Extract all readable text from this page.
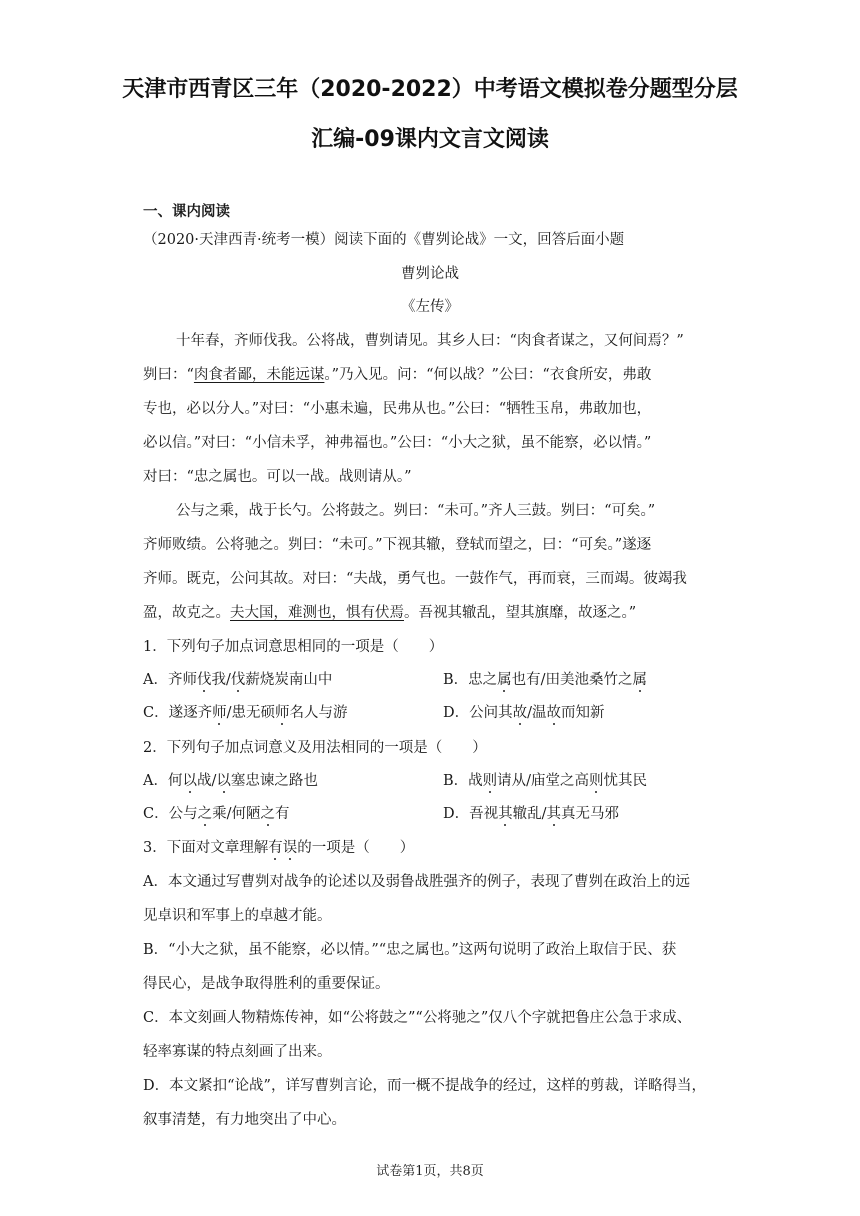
天津市西青区三年（2020-2022）中考语文模拟卷分题型分层
汇编-09课内文言文阅读
一、课内阅读
（2020·天津西青·统考一模）阅读下面的《曹刿论战》一文，回答后面小题
曹刿论战
《左传》
十年春，齐师伐我。公将战，曹刿请见。其乡人曰：“肉食者谋之，又何间焉？”
刿曰：“肉食者鄙，未能远谋。”乃入见。问：“何以战？”公曰：“衣食所安，弗敢
专也，必以分人。”对曰：“小惠未遍，民弗从也。”公曰：“牺牲玉帛，弗敢加也，
必以信。”对曰：“小信未孚，神弗福也。”公曰：“小大之狱，虽不能察，必以情。”
对曰：“忠之属也。可以一战。战则请从。”
公与之乘，战于长勺。公将鼓之。刿曰：“未可。”齐人三鼓。刿曰：“可矣。”
齐师败绩。公将驰之。刿曰：“未可。”下视其辙，登轼而望之，曰：“可矣。”遂逐
齐师。既克，公问其故。对曰：“夫战，勇气也。一鼓作气，再而衰，三而竭。彼竭我
盈，故克之。夫大国，难测也，惧有伏焉。吾视其辙乱，望其旗靡，故逐之。”
1．下列句子加点词意思相同的一项是（ ）
A．齐师伐我/伐薪烧炭南山中	B．忠之属也有/田美池桑竹之属
C．遂逐齐师/患无硕师名人与游	D．公问其故/温故而知新
2．下列句子加点词意义及用法相同的一项是（ ）
A．何以战/以塞忠谏之路也	B．战则请从/庙堂之高则忧其民
C．公与之乘/何陋之有	D．吾视其辙乱/其真无马邪
3．下面对文章理解有误的一项是（ ）
A．本文通过写曹刿对战争的论述以及弱鲁战胜强齐的例子，表现了曹刿在政治上的远
见卓识和军事上的卓越才能。
B．“小大之狱，虽不能察，必以情。”“忠之属也。”这两句说明了政治上取信于民、获
得民心，是战争取得胜利的重要保证。
C．本文刻画人物精炼传神，如“公将鼓之”“公将驰之”仅八个字就把鲁庄公急于求成、
轻率寡谋的特点刻画了出来。
D．本文紧扣“论战”，详写曹刿言论，而一概不提战争的经过，这样的剪裁，详略得当，
叙事清楚，有力地突出了中心。
试卷第1页，共8页
